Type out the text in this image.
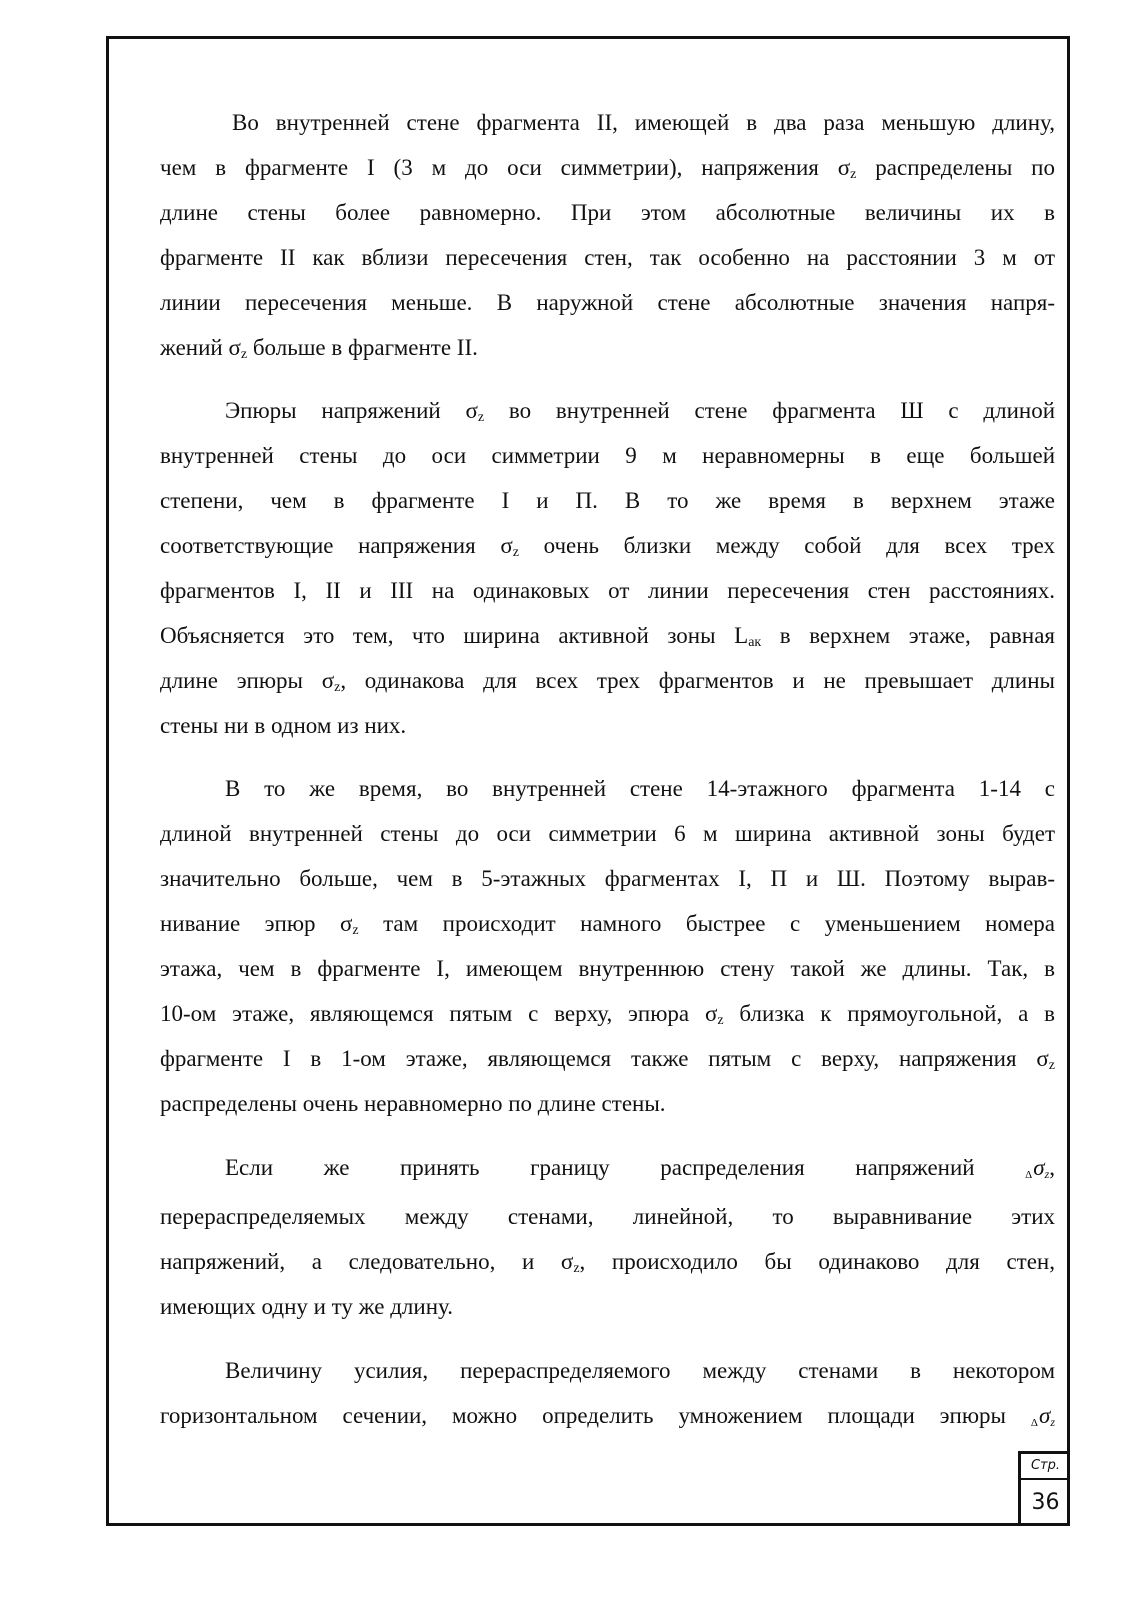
Во внутренней стене фрагмента II, имеющей в два раза меньшую длину,
чем в фрагменте I (3 м до оси симметрии), напряжения $\sigma_z$ распределены по
длине стены более равномерно. При этом абсолютные величины их в
фрагменте II как вблизи пересечения стен, так особенно на расстоянии 3 м от
линии пересечения меньше. В наружной стене абсолютные значения напря-
жений $\sigma_z$ больше в фрагменте II.
Эпюры напряжений $\sigma_z$ во внутренней стене фрагмента Ш с длиной
внутренней стены до оси симметрии 9 м неравномерны в еще большей
степени, чем в фрагменте I и П. В то же время в верхнем этаже
соответствующие напряжения $\sigma_z$ очень близки между собой для всех трех
фрагментов I, II и III на одинаковых от линии пересечения стен расстояниях.
Объясняется это тем, что ширина активной зоны $L_{ак}$ в верхнем этаже, равная
длине эпюры $\sigma_z$, одинакова для всех трех фрагментов и не превышает длины
стены ни в одном из них.
В то же время, во внутренней стене 14-этажного фрагмента 1-14 с
длиной внутренней стены до оси симметрии 6 м ширина активной зоны будет
значительно больше, чем в 5-этажных фрагментах I, П и Ш. Поэтому вырав-
нивание эпюр $\sigma_z$ там происходит намного быстрее с уменьшением номера
этажа, чем в фрагменте I, имеющем внутреннюю стену такой же длины. Так, в
10-ом этаже, являющемся пятым с верху, эпюра $\sigma_z$ близка к прямоугольной, а в
фрагменте I в 1-ом этаже, являющемся также пятым с верху, напряжения $\sigma_z$
распределены очень неравномерно по длине стены.
Если же принять границу распределения напряжений	$\Delta\sigma_z$,
перераспределяемых между стенами, линейной, то выравнивание этих
напряжений, а следовательно, и $\sigma_z$, происходило бы одинаково для стен,
имеющих одну и ту же длину.
Величину усилия, перераспределяемого между стенами в некотором
горизонтальном сечении, можно определить умножением площади эпюры $\Delta\sigma_z$
Стр.
36
